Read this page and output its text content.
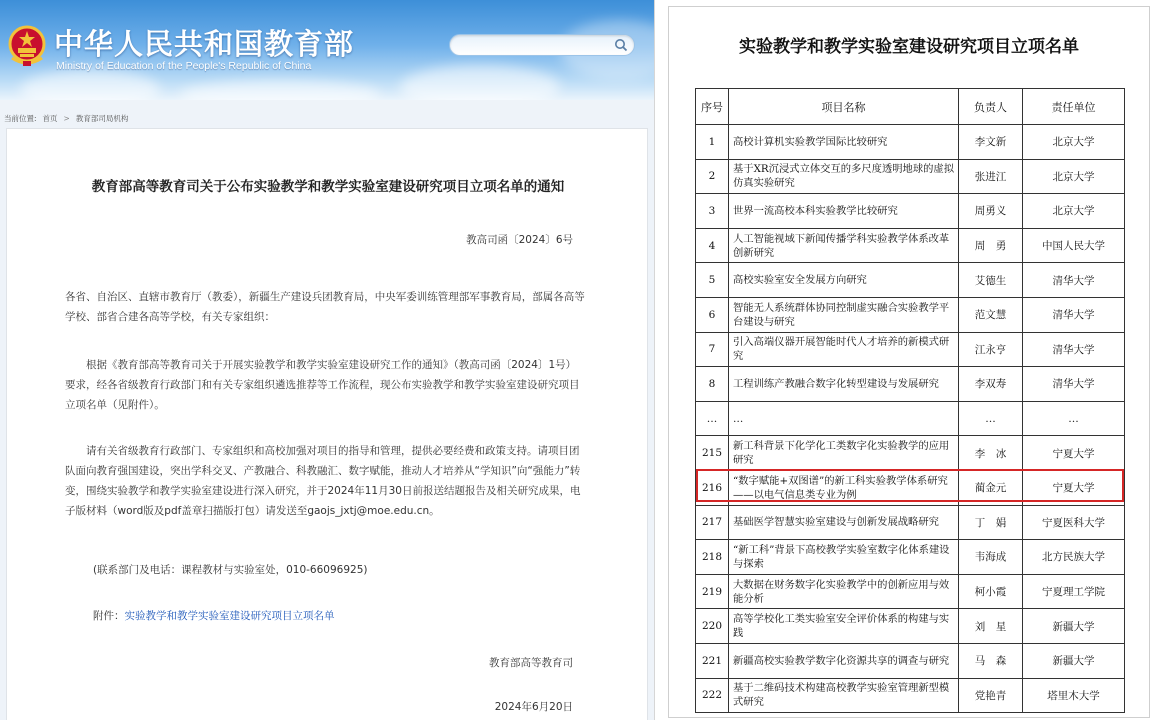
中华人民共和国教育部
Ministry of Education of the People's Republic of China
当前位置: 首页 > 教育部司局机构
教育部高等教育司关于公布实验教学和教学实验室建设研究项目立项名单的通知
教高司函〔2024〕6号
各省、自治区、直辖市教育厅（教委），新疆生产建设兵团教育局，中央军委训练管理部军事教育局，部属各高等学校、部省合建各高等学校，有关专家组织：
根据《教育部高等教育司关于开展实验教学和教学实验室建设研究工作的通知》（教高司函〔2024〕1号）要求，经各省级教育行政部门和有关专家组织遴选推荐等工作流程，现公布实验教学和教学实验室建设研究项目立项名单（见附件）。
请有关省级教育行政部门、专家组织和高校加强对项目的指导和管理，提供必要经费和政策支持。请项目团队面向教育强国建设，突出学科交叉、产教融合、科教融汇、数字赋能，推动人才培养从“学知识”向“强能力”转变，围绕实验教学和教学实验室建设进行深入研究，并于2024年11月30日前报送结题报告及相关研究成果，电子版材料（word版及pdf盖章扫描版打包）请发送至gaojs_jxtj@moe.edu.cn。
(联系部门及电话：课程教材与实验室处，010-66096925)
附件：实验教学和教学实验室建设研究项目立项名单
教育部高等教育司
2024年6月20日
实验教学和教学实验室建设研究项目立项名单
序号	项目名称	负责人	责任单位
1	高校计算机实验教学国际比较研究	李文新	北京大学
2	基于XR沉浸式立体交互的多尺度透明地球的虚拟仿真实验研究	张进江	北京大学
3	世界一流高校本科实验教学比较研究	周勇义	北京大学
4	人工智能视域下新闻传播学科实验教学体系改革创新研究	周　勇	中国人民大学
5	高校实验室安全发展方向研究	艾德生	清华大学
6	智能无人系统群体协同控制虚实融合实验教学平台建设与研究	范文慧	清华大学
7	引入高端仪器开展智能时代人才培养的新模式研究	江永亨	清华大学
8	工程训练产教融合数字化转型建设与发展研究	李双寿	清华大学
…	…	…	…
215	新工科背景下化学化工类数字化实验教学的应用研究	李　冰	宁夏大学
216	“数字赋能+双图谱”的新工科实验教学体系研究——以电气信息类专业为例	蔺金元	宁夏大学
217	基础医学智慧实验室建设与创新发展战略研究	丁　娟	宁夏医科大学
218	“新工科”背景下高校教学实验室数字化体系建设与探索	韦海成	北方民族大学
219	大数据在财务数字化实验教学中的创新应用与效能分析	柯小霞	宁夏理工学院
220	高等学校化工类实验室安全评价体系的构建与实践	刘　星	新疆大学
221	新疆高校实验教学数字化资源共享的调查与研究	马　森	新疆大学
222	基于二维码技术构建高校教学实验室管理新型模式研究	党艳青	塔里木大学
